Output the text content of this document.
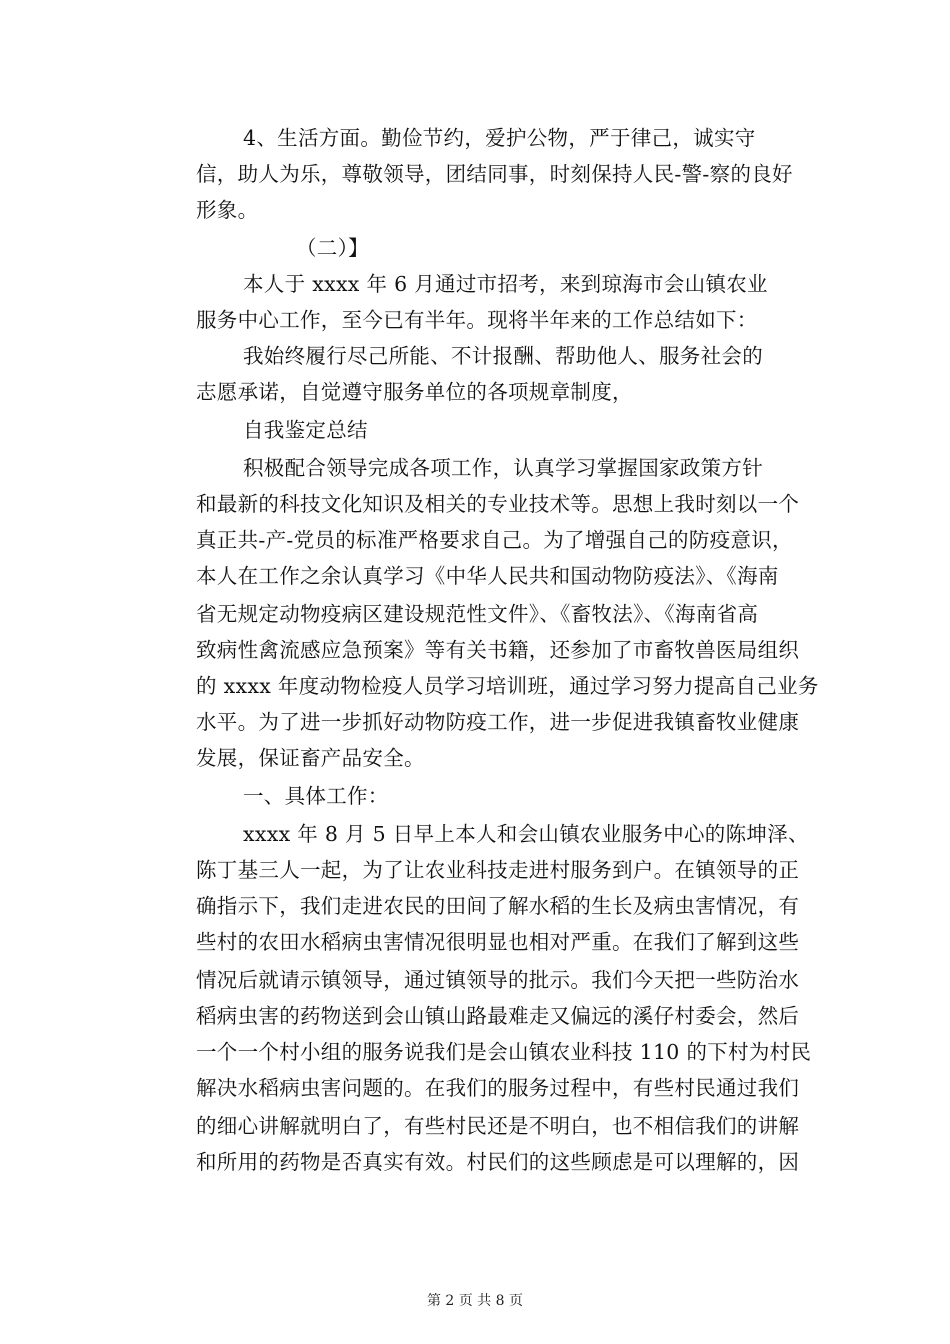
4、生活方面。勤俭节约，爱护公物，严于律己，诚实守
信，助人为乐，尊敬领导，团结同事，时刻保持人民-警-察的良好
形象。
（二）】
本人于 xxxx 年 6 月通过市招考，来到琼海市会山镇农业
服务中心工作，至今已有半年。现将半年来的工作总结如下：
我始终履行尽己所能、不计报酬、帮助他人、服务社会的
志愿承诺，自觉遵守服务单位的各项规章制度，
自我鉴定总结
积极配合领导完成各项工作，认真学习掌握国家政策方针
和最新的科技文化知识及相关的专业技术等。思想上我时刻以一个
真正共-产-党员的标准严格要求自己。为了增强自己的防疫意识，
本人在工作之余认真学习《中华人民共和国动物防疫法》、《海南
省无规定动物疫病区建设规范性文件》、《畜牧法》、《海南省高
致病性禽流感应急预案》等有关书籍，还参加了市畜牧兽医局组织
的 xxxx 年度动物检疫人员学习培训班，通过学习努力提高自己业务
水平。为了进一步抓好动物防疫工作，进一步促进我镇畜牧业健康
发展，保证畜产品安全。
一、具体工作：
xxxx 年 8 月 5 日早上本人和会山镇农业服务中心的陈坤泽、
陈丁基三人一起，为了让农业科技走进村服务到户。在镇领导的正
确指示下，我们走进农民的田间了解水稻的生长及病虫害情况，有
些村的农田水稻病虫害情况很明显也相对严重。在我们了解到这些
情况后就请示镇领导，通过镇领导的批示。我们今天把一些防治水
稻病虫害的药物送到会山镇山路最难走又偏远的溪仔村委会，然后
一个一个村小组的服务说我们是会山镇农业科技 110 的下村为村民
解决水稻病虫害问题的。在我们的服务过程中，有些村民通过我们
的细心讲解就明白了，有些村民还是不明白，也不相信我们的讲解
和所用的药物是否真实有效。村民们的这些顾虑是可以理解的，因
第 2 页 共 8 页
